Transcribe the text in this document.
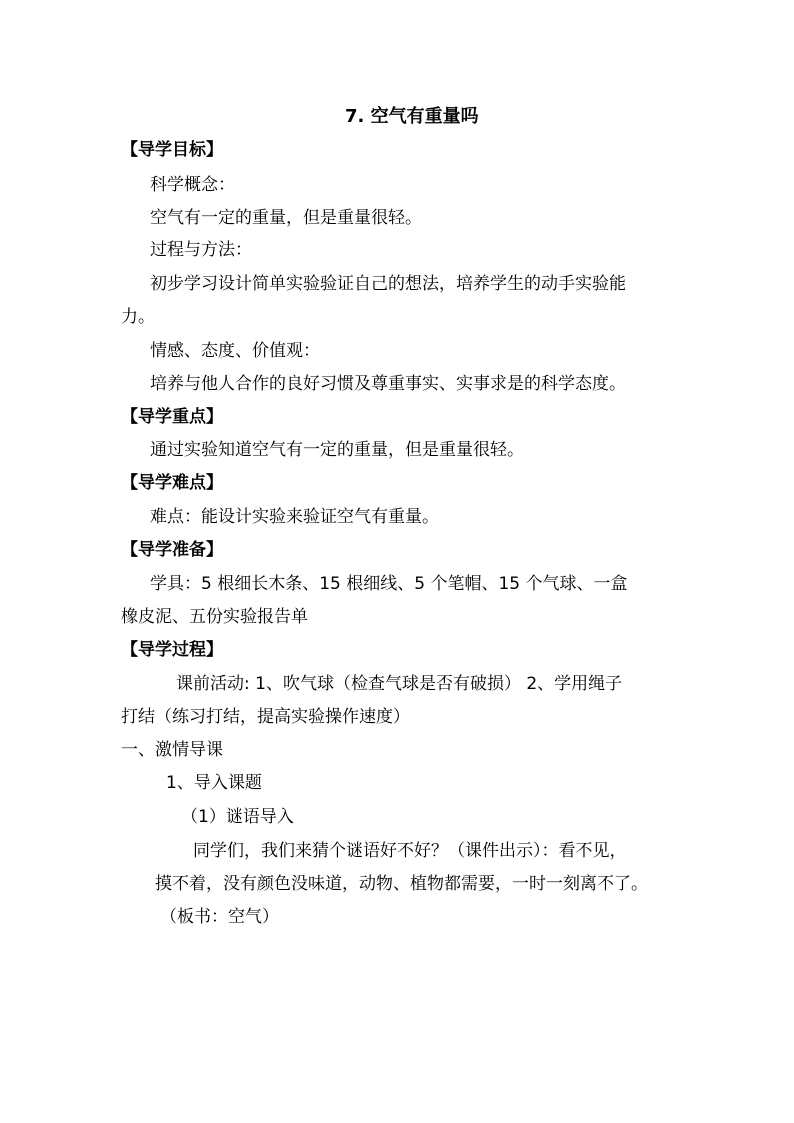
7. 空气有重量吗
【导学目标】
科学概念：
空气有一定的重量，但是重量很轻。
过程与方法：
初步学习设计简单实验验证自己的想法，培养学生的动手实验能
力。
情感、态度、价值观：
培养与他人合作的良好习惯及尊重事实、实事求是的科学态度。
【导学重点】
通过实验知道空气有一定的重量，但是重量很轻。
【导学难点】
难点：能设计实验来验证空气有重量。
【导学准备】
学具：5 根细长木条、15 根细线、5 个笔帽、15 个气球、一盒
橡皮泥、五份实验报告单
【导学过程】
课前活动: 1、吹气球（检查气球是否有破损） 2、学用绳子
打结（练习打结，提高实验操作速度）
一、激情导课
1、导入课题
（1）谜语导入
同学们，我们来猜个谜语好不好？（课件出示）：看不见，
摸不着，没有颜色没味道，动物、植物都需要，一时一刻离不了。
（板书：空气）
